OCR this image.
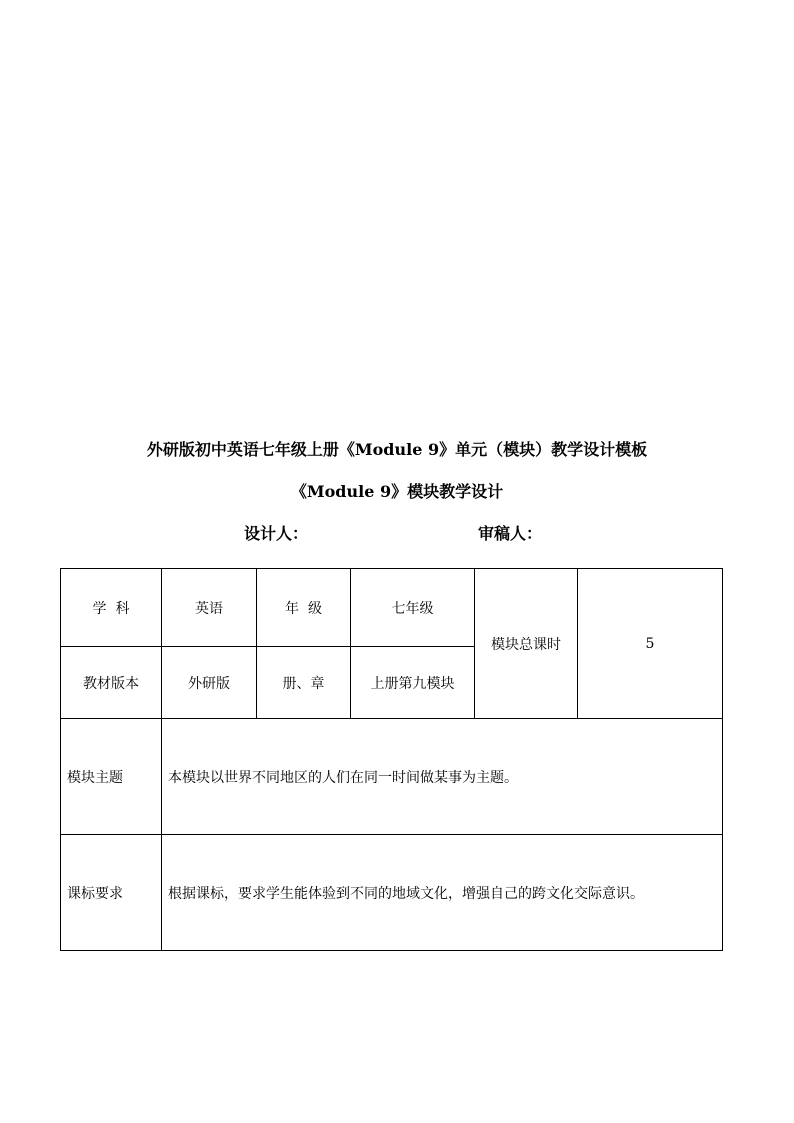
外研版初中英语七年级上册《Module 9》单元（模块）教学设计模板
《Module 9》模块教学设计
设计人：	审稿人：
学  科	英语	年  级	七年级	模块总课时	5
教材版本	外研版	册、章	上册第九模块		
模块主题	本模块以世界不同地区的人们在同一时间做某事为主题。				
课标要求	根据课标，要求学生能体验到不同的地域文化，增强自己的跨文化交际意识。				
